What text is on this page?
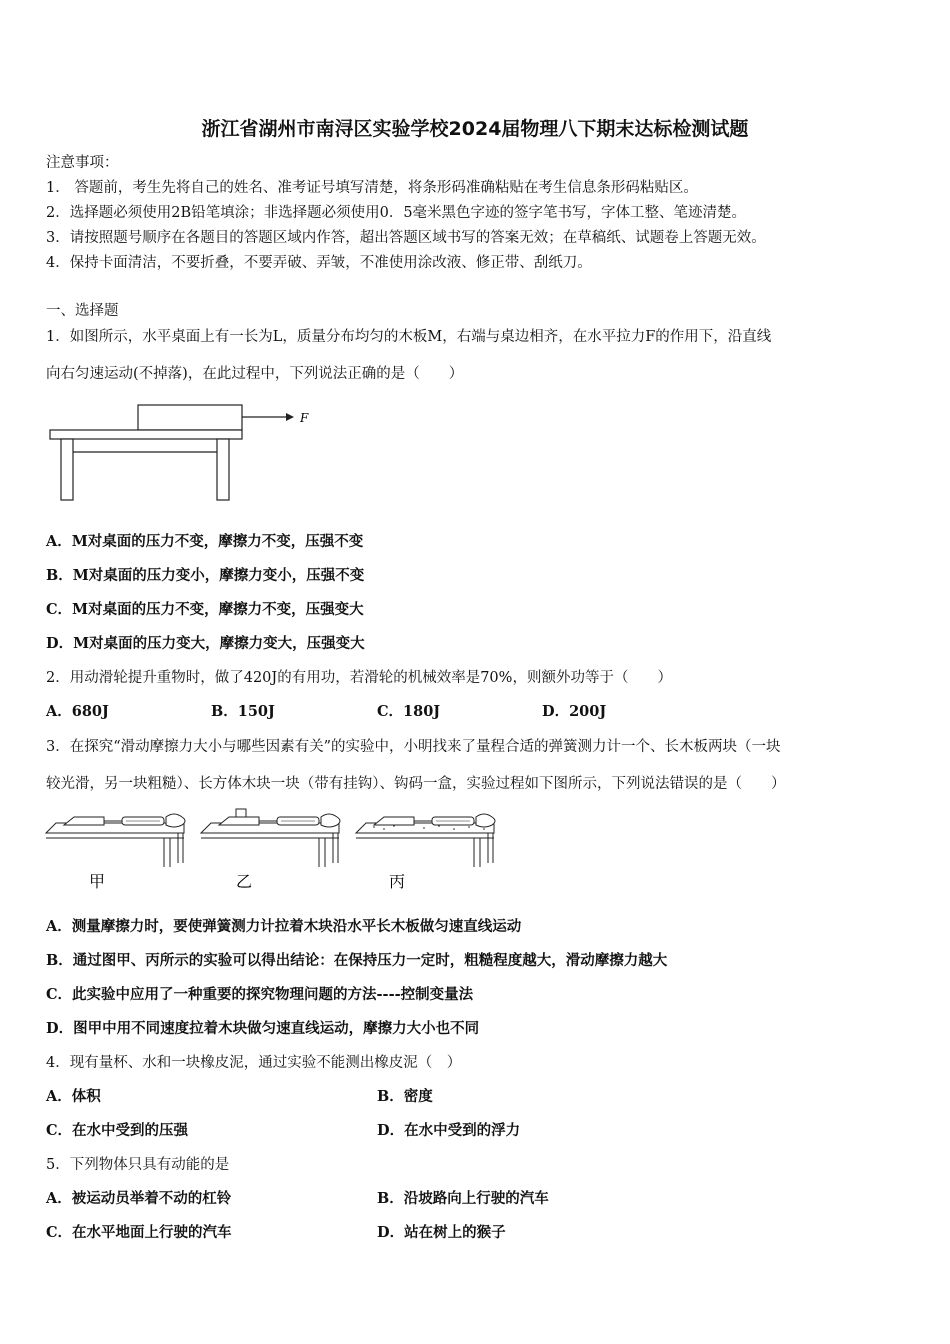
浙江省湖州市南浔区实验学校2024届物理八下期末达标检测试题
注意事项：
1． 答题前，考生先将自己的姓名、准考证号填写清楚，将条形码准确粘贴在考生信息条形码粘贴区。
2．选择题必须使用2B铅笔填涂；非选择题必须使用0．5毫米黑色字迹的签字笔书写，字体工整、笔迹清楚。
3．请按照题号顺序在各题目的答题区域内作答，超出答题区域书写的答案无效；在草稿纸、试题卷上答题无效。
4．保持卡面清洁，不要折叠，不要弄破、弄皱，不准使用涂改液、修正带、刮纸刀。
一、选择题
1．如图所示，水平桌面上有一长为L，质量分布均匀的木板M，右端与桌边相齐，在水平拉力F的作用下，沿直线
向右匀速运动(不掉落)，在此过程中，下列说法正确的是（　　）
F
A．M对桌面的压力不变，摩擦力不变，压强不变
B．M对桌面的压力变小，摩擦力变小，压强不变
C．M对桌面的压力不变，摩擦力不变，压强变大
D．M对桌面的压力变大，摩擦力变大，压强变大
2．用动滑轮提升重物时，做了420J的有用功，若滑轮的机械效率是70%，则额外功等于（　　）
A．680J	B．150J	C．180J	D．200J
3．在探究“滑动摩擦力大小与哪些因素有关”的实验中，小明找来了量程合适的弹簧测力计一个、长木板两块（一块
较光滑，另一块粗糙）、长方体木块一块（带有挂钩）、钩码一盒，实验过程如下图所示，下列说法错误的是（　　）
甲	乙	丙
A．测量摩擦力时，要使弹簧测力计拉着木块沿水平长木板做匀速直线运动
B．通过图甲、丙所示的实验可以得出结论：在保持压力一定时，粗糙程度越大，滑动摩擦力越大
C．此实验中应用了一种重要的探究物理问题的方法----控制变量法
D．图甲中用不同速度拉着木块做匀速直线运动，摩擦力大小也不同
4．现有量杯、水和一块橡皮泥，通过实验不能测出橡皮泥（　）
A．体积	B．密度
C．在水中受到的压强	D．在水中受到的浮力
5．下列物体只具有动能的是
A．被运动员举着不动的杠铃	B．沿坡路向上行驶的汽车
C．在水平地面上行驶的汽车	D．站在树上的猴子
